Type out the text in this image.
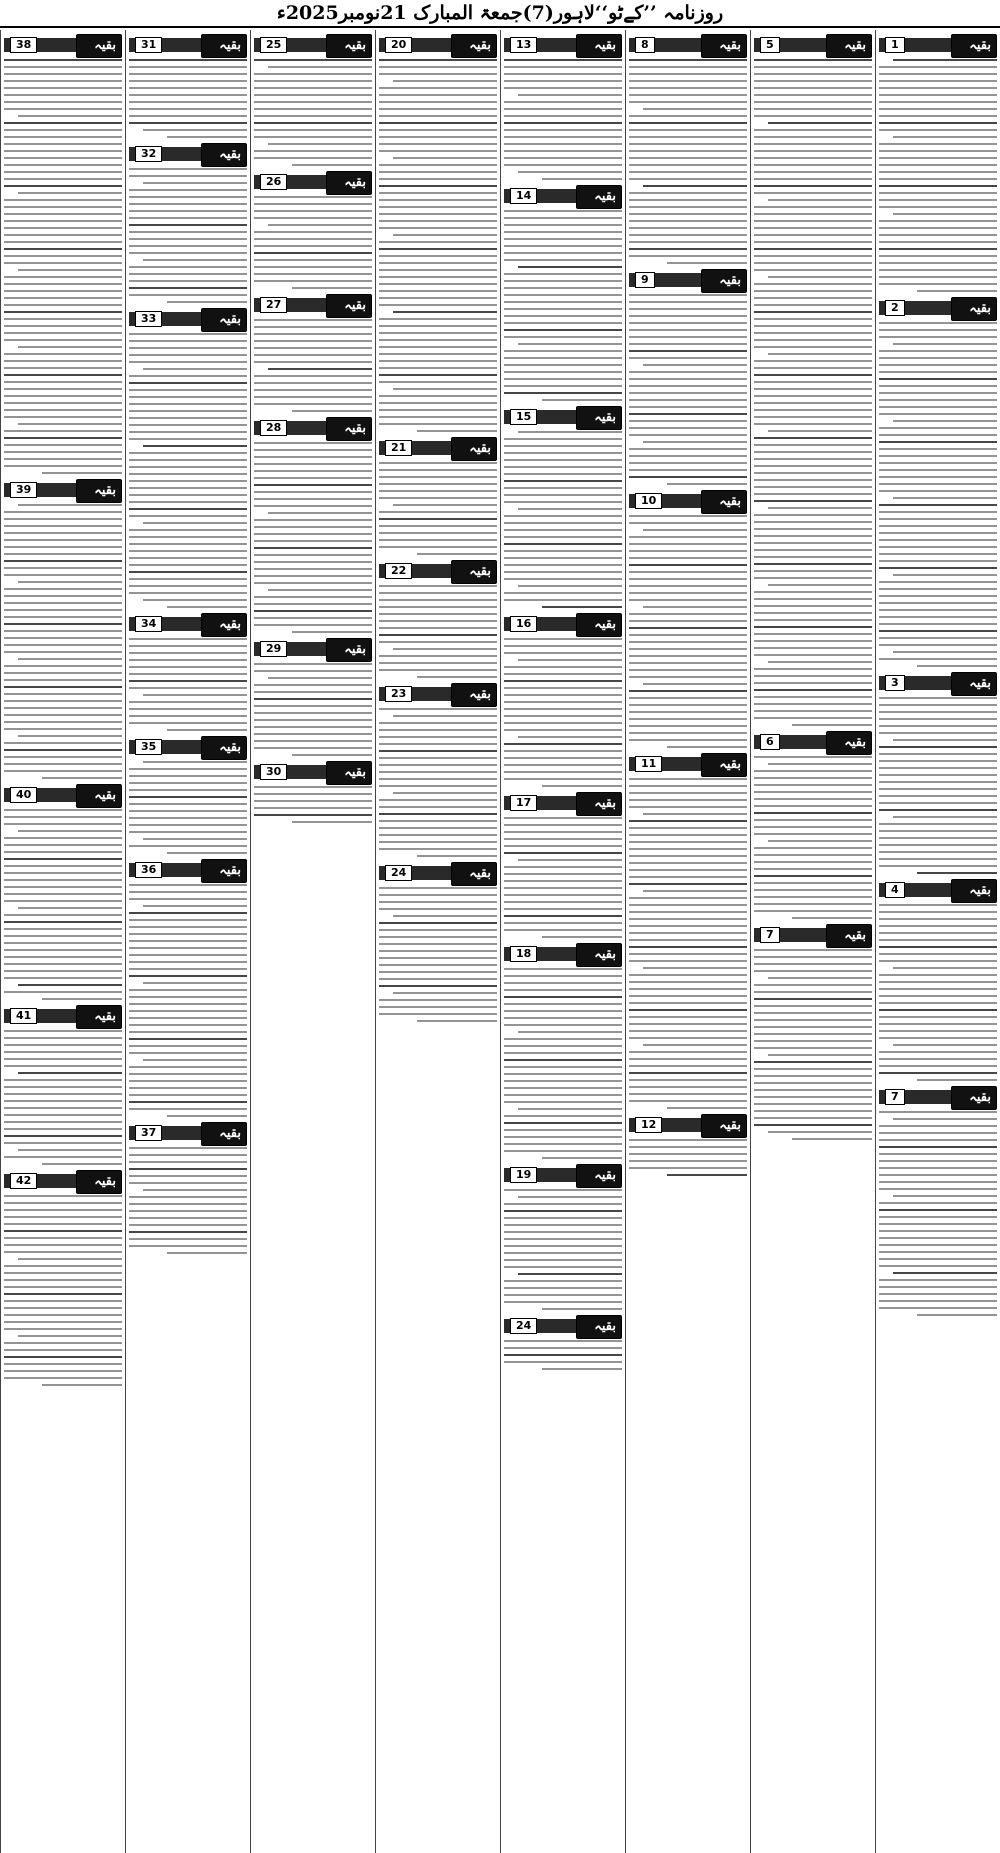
روزنامہ ’’کےٹو‘‘لاہور(7)جمعۃ المبارک 21نومبر2025ء
1	بقیہ
2	بقیہ
3	بقیہ
4	بقیہ
7	بقیہ
5	بقیہ
6	بقیہ
7	بقیہ
8	بقیہ
9	بقیہ
10	بقیہ
11	بقیہ
12	بقیہ
13	بقیہ
14	بقیہ
15	بقیہ
16	بقیہ
17	بقیہ
18	بقیہ
19	بقیہ
24	بقیہ
20	بقیہ
21	بقیہ
22	بقیہ
23	بقیہ
24	بقیہ
25	بقیہ
26	بقیہ
27	بقیہ
28	بقیہ
29	بقیہ
30	بقیہ
31	بقیہ
32	بقیہ
33	بقیہ
34	بقیہ
35	بقیہ
36	بقیہ
37	بقیہ
38	بقیہ
39	بقیہ
40	بقیہ
41	بقیہ
42	بقیہ
